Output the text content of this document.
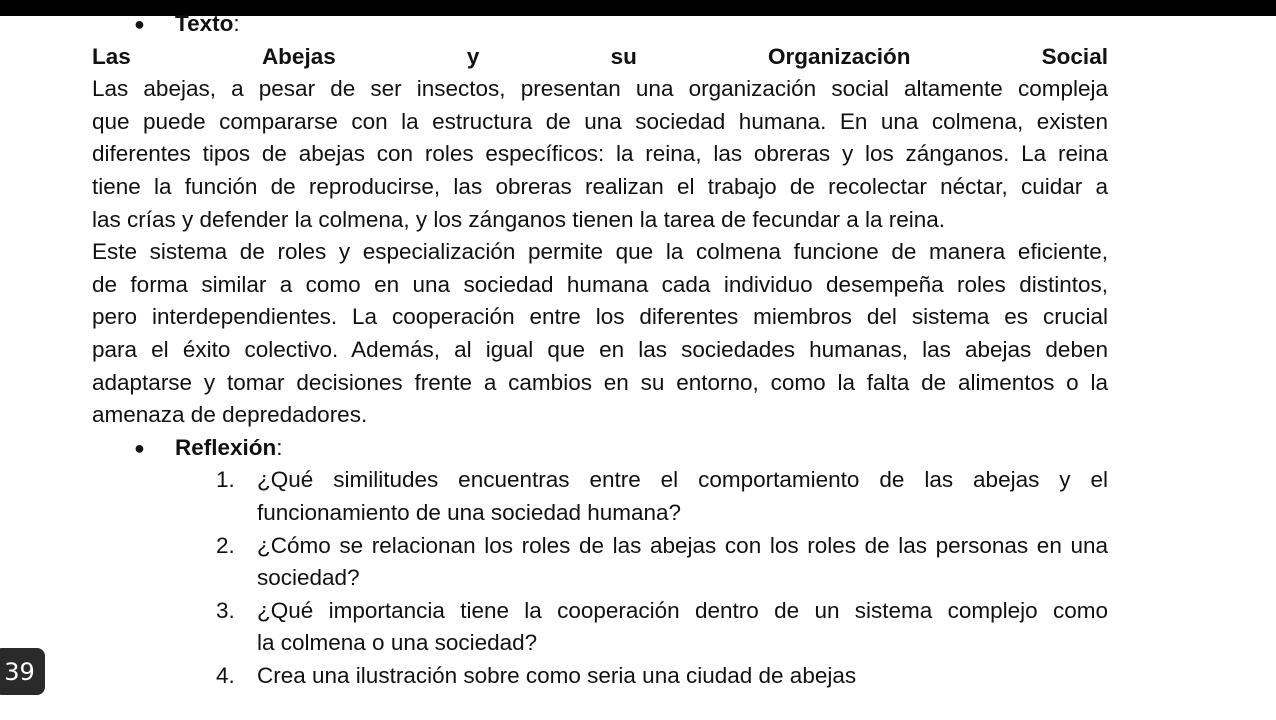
● Texto:
Las	Abejas	y	su	Organización	Social
Las abejas, a pesar de ser insectos, presentan una organización social altamente compleja
que puede compararse con la estructura de una sociedad humana. En una colmena, existen
diferentes tipos de abejas con roles específicos: la reina, las obreras y los zánganos. La reina
tiene la función de reproducirse, las obreras realizan el trabajo de recolectar néctar, cuidar a
las crías y defender la colmena, y los zánganos tienen la tarea de fecundar a la reina.
Este sistema de roles y especialización permite que la colmena funcione de manera eficiente,
de forma similar a como en una sociedad humana cada individuo desempeña roles distintos,
pero interdependientes. La cooperación entre los diferentes miembros del sistema es crucial
para el éxito colectivo. Además, al igual que en las sociedades humanas, las abejas deben
adaptarse y tomar decisiones frente a cambios en su entorno, como la falta de alimentos o la
amenaza de depredadores.
● Reflexión:
1. ¿Qué similitudes encuentras entre el comportamiento de las abejas y el
funcionamiento de una sociedad humana?
2. ¿Cómo se relacionan los roles de las abejas con los roles de las personas en una
sociedad?
3. ¿Qué importancia tiene la cooperación dentro de un sistema complejo como
la colmena o una sociedad?
4. Crea una ilustración sobre como seria una ciudad de abejas
39
